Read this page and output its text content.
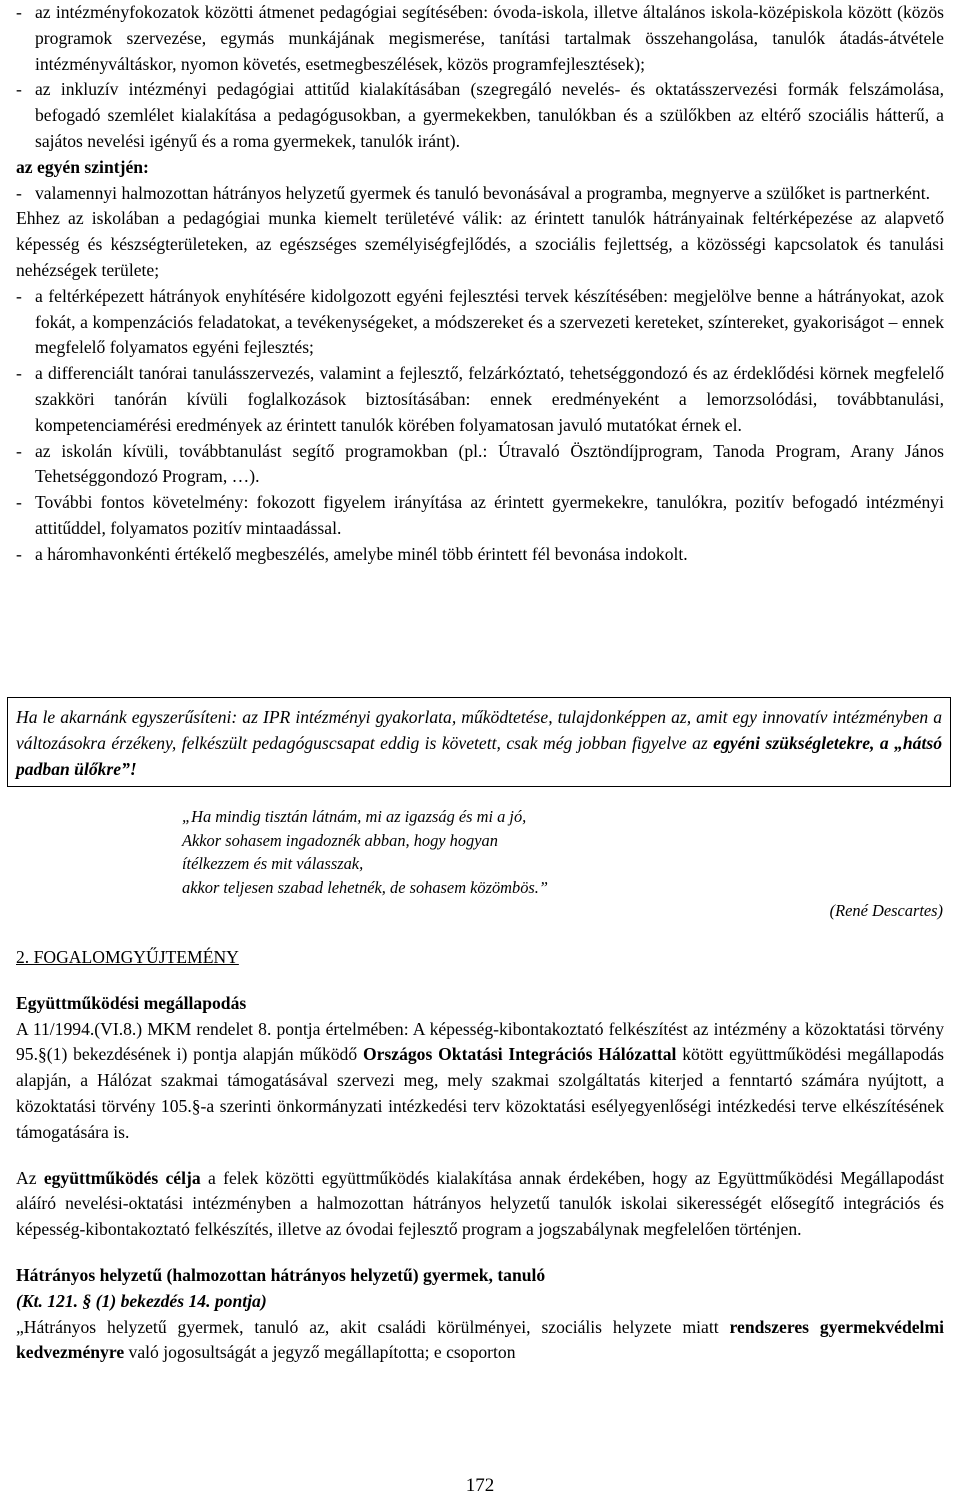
- az intézményfokozatok közötti átmenet pedagógiai segítésében: óvoda-iskola, illetve általános iskola-középiskola között (közös programok szervezése, egymás munkájának megismerése, tanítási tartalmak összehangolása, tanulók átadás-átvétele intézményváltáskor, nyomon követés, esetmegbeszélések, közös programfejlesztések);
- az inkluzív intézményi pedagógiai attitűd kialakításában (szegregáló nevelés- és oktatásszervezési formák felszámolása, befogadó szemlélet kialakítása a pedagógusokban, a gyermekekben, tanulókban és a szülőkben az eltérő szociális hátterű, a sajátos nevelési igényű és a roma gyermekek, tanulók iránt).
az egyén szintjén:
- valamennyi halmozottan hátrányos helyzetű gyermek és tanuló bevonásával a programba, megnyerve a szülőket is partnerként.
Ehhez az iskolában a pedagógiai munka kiemelt területévé válik: az érintett tanulók hátrányainak feltérképezése az alapvető képesség és készségterületeken, az egészséges személyiségfejlődés, a szociális fejlettség, a közösségi kapcsolatok és tanulási nehézségek területe;
- a feltérképezett hátrányok enyhítésére kidolgozott egyéni fejlesztési tervek készítésében: megjelölve benne a hátrányokat, azok fokát, a kompenzációs feladatokat, a tevékenységeket, a módszereket és a szervezeti kereteket, színtereket, gyakoriságot – ennek megfelelő folyamatos egyéni fejlesztés;
- a differenciált tanórai tanulásszervezés, valamint a fejlesztő, felzárkóztató, tehetséggondozó és az érdeklődési körnek megfelelő szakköri tanórán kívüli foglalkozások biztosításában: ennek eredményeként a lemorzsolódási, továbbtanulási, kompetenciamérési eredmények az érintett tanulók körében folyamatosan javuló mutatókat érnek el.
- az iskolán kívüli, továbbtanulást segítő programokban (pl.: Útravaló Ösztöndíjprogram, Tanoda Program, Arany János Tehetséggondozó Program, …).
- További fontos követelmény: fokozott figyelem irányítása az érintett gyermekekre, tanulókra, pozitív befogadó intézményi attitűddel, folyamatos pozitív mintaadással.
- a háromhavonkénti értékelő megbeszélés, amelybe minél több érintett fél bevonása indokolt.
Ha le akarnánk egyszerűsíteni: az IPR intézményi gyakorlata, működtetése, tulajdonképpen az, amit egy innovatív intézményben a változásokra érzékeny, felkészült pedagóguscsapat eddig is követett, csak még jobban figyelve az egyéni szükségletekre, a „hátsó padban ülőkre”!
„Ha mindig tisztán látnám, mi az igazság és mi a jó,
Akkor sohasem ingadoznék abban, hogy hogyan
ítélkezzem és mit válasszak,
akkor teljesen szabad lehetnék, de sohasem közömbös.”
(René Descartes)
2. FOGALOMGYŰJTEMÉNY
Együttműködési megállapodás
A 11/1994.(VI.8.) MKM rendelet 8. pontja értelmében: A képesség-kibontakoztató felkészítést az intézmény a közoktatási törvény 95.§(1) bekezdésének i) pontja alapján működő Országos Oktatási Integrációs Hálózattal kötött együttműködési megállapodás alapján, a Hálózat szakmai támogatásával szervezi meg, mely szakmai szolgáltatás kiterjed a fenntartó számára nyújtott, a közoktatási törvény 105.§-a szerinti önkormányzati intézkedési terv közoktatási esélyegyenlőségi intézkedési terve elkészítésének támogatására is.
Az együttműködés célja a felek közötti együttműködés kialakítása annak érdekében, hogy az Együttműködési Megállapodást aláíró nevelési-oktatási intézményben a halmozottan hátrányos helyzetű tanulók iskolai sikerességét elősegítő integrációs és képesség-kibontakoztató felkészítés, illetve az óvodai fejlesztő program a jogszabálynak megfelelően történjen.
Hátrányos helyzetű (halmozottan hátrányos helyzetű) gyermek, tanuló
(Kt. 121. § (1) bekezdés 14. pontja)
„Hátrányos helyzetű gyermek, tanuló az, akit családi körülményei, szociális helyzete miatt rendszeres gyermekvédelmi kedvezményre való jogosultságát a jegyző megállapította; e csoporton
172
